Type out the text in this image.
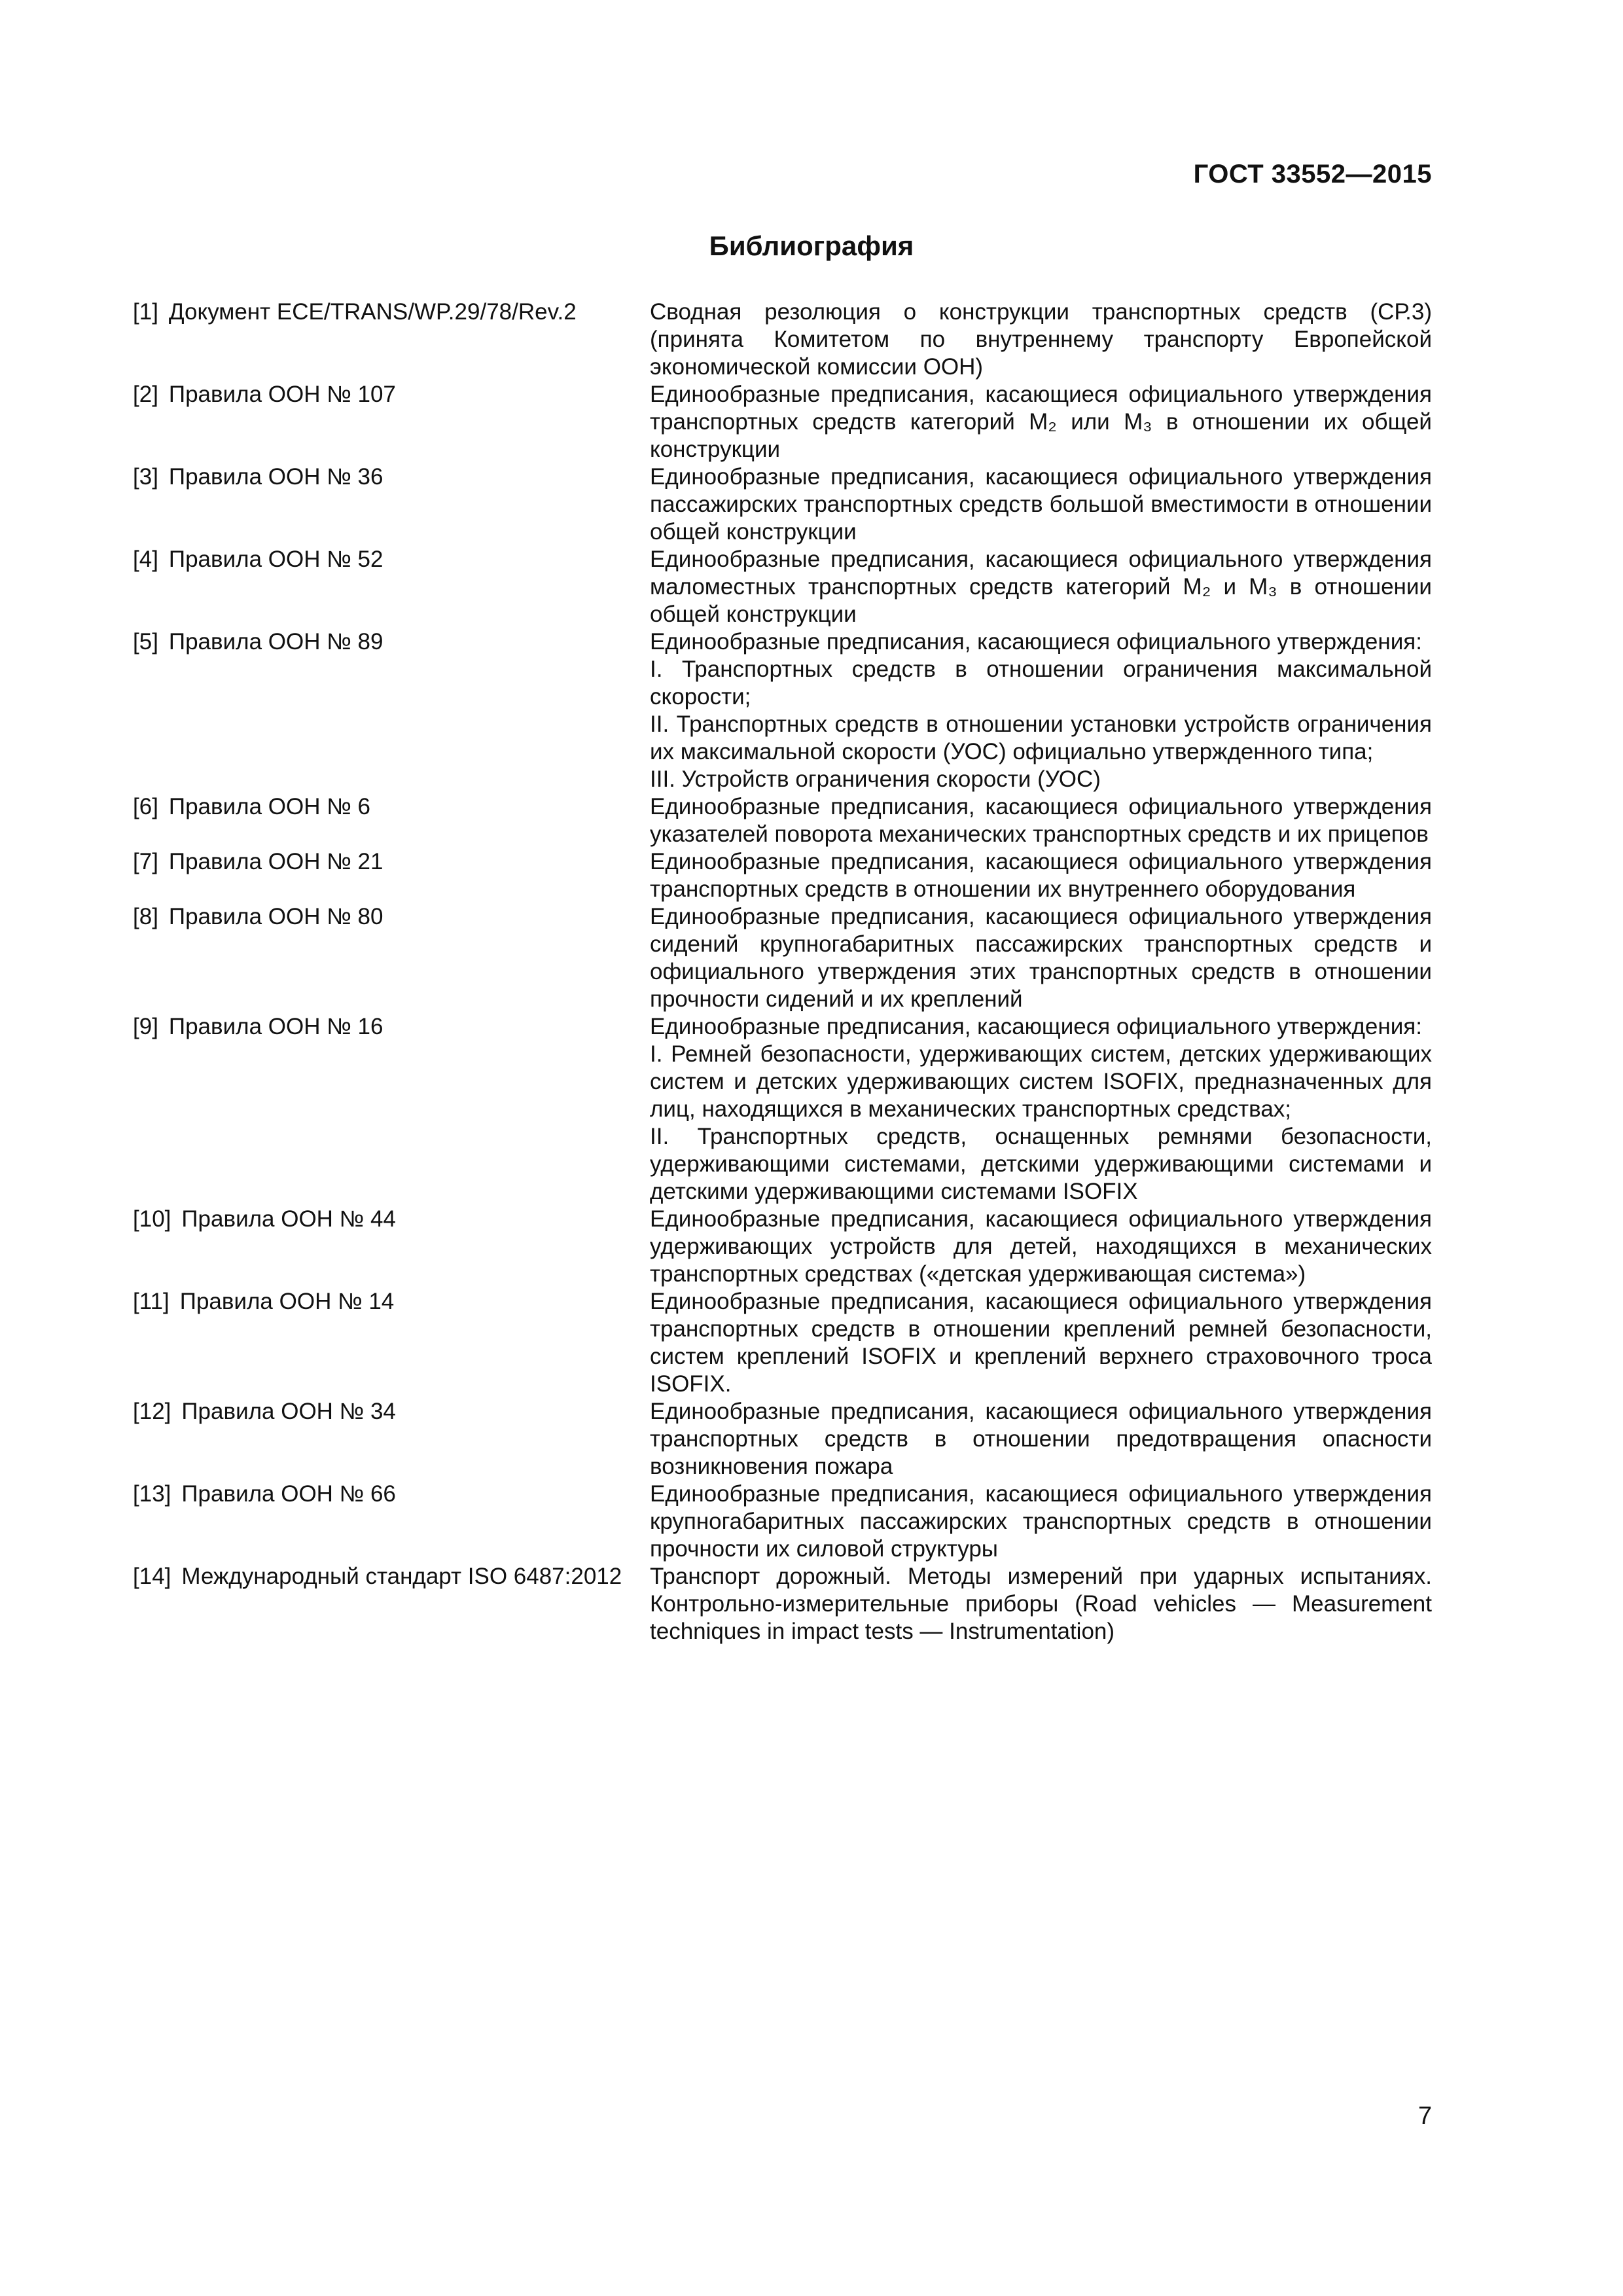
ГОСТ 33552—2015
Библиография
[1] Документ ECE/TRANS/WP.29/78/Rev.2	Сводная резолюция о конструкции транспортных средств (СР.3) (принята Комитетом по внутреннему транспорту Европейской экономической комиссии ООН)

[2] Правила ООН № 107	Единообразные предписания, касающиеся официального утверждения транспортных средств категорий M₂ или M₃ в отношении их общей конструкции

[3] Правила ООН № 36	Единообразные предписания, касающиеся официального утверждения пассажирских транспортных средств большой вместимости в отношении общей конструкции

[4] Правила ООН № 52	Единообразные предписания, касающиеся официального утверждения маломестных транспортных средств категорий M₂ и M₃ в отношении общей конструкции

[5] Правила ООН № 89	Единообразные предписания, касающиеся официального утверждения:

I. Транспортных средств в отношении ограничения максимальной скорости;

II. Транспортных средств в отношении установки устройств ограничения их максимальной скорости (УОС) официально утвержденного типа;

III. Устройств ограничения скорости (УОС)

[6] Правила ООН № 6	Единообразные предписания, касающиеся официального утверждения указателей поворота механических транспортных средств и их прицепов

[7] Правила ООН № 21	Единообразные предписания, касающиеся официального утверждения транспортных средств в отношении их внутреннего оборудования

[8] Правила ООН № 80	Единообразные предписания, касающиеся официального утверждения сидений крупногабаритных пассажирских транспортных средств и официального утверждения этих транспортных средств в отношении прочности сидений и их креплений

[9] Правила ООН № 16	Единообразные предписания, касающиеся официального утверждения:

I. Ремней безопасности, удерживающих систем, детских удерживающих систем и детских удерживающих систем ISOFIX, предназначенных для лиц, находящихся в механических транспортных средствах;

II. Транспортных средств, оснащенных ремнями безопасности, удерживающими системами, детскими удерживающими системами и детскими удерживающими системами ISOFIX

[10] Правила ООН № 44	Единообразные предписания, касающиеся официального утверждения удерживающих устройств для детей, находящихся в механических транспортных средствах («детская удерживающая система»)

[11] Правила ООН № 14	Единообразные предписания, касающиеся официального утверждения транспортных средств в отношении креплений ремней безопасности, систем креплений ISOFIX и креплений верхнего страховочного троса ISOFIX.

[12] Правила ООН № 34	Единообразные предписания, касающиеся официального утверждения транспортных средств в отношении предотвращения опасности возникновения пожара

[13] Правила ООН № 66	Единообразные предписания, касающиеся официального утверждения крупногабаритных пассажирских транспортных средств в отношении прочности их силовой структуры

[14] Международный стандарт ISO 6487:2012	Транспорт дорожный. Методы измерений при ударных испытаниях. Контрольно-измерительные приборы (Road vehicles — Measurement techniques in impact tests — Instrumentation)

7
